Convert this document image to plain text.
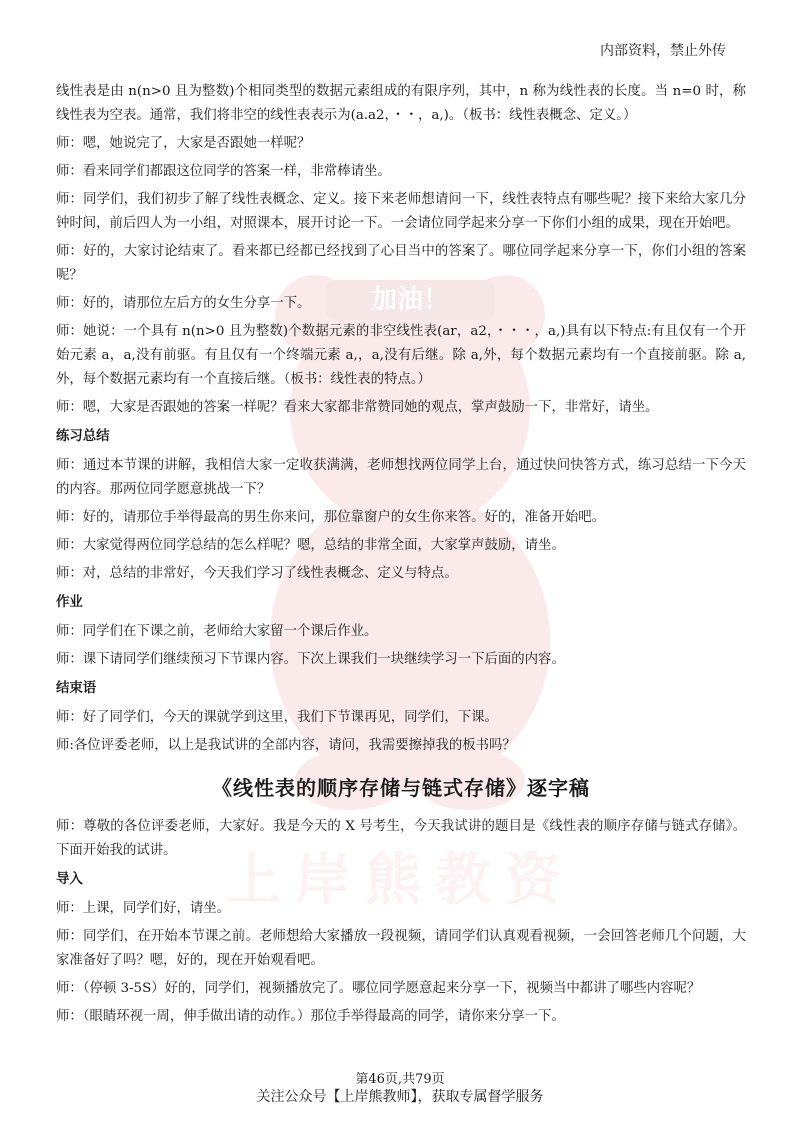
加油！
上岸熊教资
内部资料，禁止外传

线性表是由 n(n>0 且为整数)个相同类型的数据元素组成的有限序列，其中，n 称为线性表的长度。当 n=0 时，称线性表为空表。通常，我们将非空的线性表表示为(a.a2，・・，a,)。（板书：线性表概念、定义。）

师：嗯，她说完了，大家是否跟她一样呢？

师：看来同学们都跟这位同学的答案一样，非常棒请坐。

师：同学们，我们初步了解了线性表概念、定义。接下来老师想请问一下，线性表特点有哪些呢？接下来给大家几分钟时间，前后四人为一小组，对照课本，展开讨论一下。一会请位同学起来分享一下你们小组的成果，现在开始吧。

师：好的，大家讨论结束了。看来都已经都已经找到了心目当中的答案了。哪位同学起来分享一下，你们小组的答案呢？

师：好的，请那位左后方的女生分享一下。

师：她说：一个具有 n(n>0 且为整数)个数据元素的非空线性表(ar，a2，・・・，a,)具有以下特点:有且仅有一个开始元素 a，a,没有前驱。有且仅有一个终端元素 a,，a,没有后继。除 a,外，每个数据元素均有一个直接前驱。除 a,外，每个数据元素均有一个直接后继。（板书：线性表的特点。）

师：嗯，大家是否跟她的答案一样呢？看来大家都非常赞同她的观点，掌声鼓励一下，非常好，请坐。

练习总结

师：通过本节课的讲解，我相信大家一定收获满满，老师想找两位同学上台，通过快问快答方式，练习总结一下今天的内容。那两位同学愿意挑战一下？

师：好的，请那位手举得最高的男生你来问，那位靠窗户的女生你来答。好的，准备开始吧。

师：大家觉得两位同学总结的怎么样呢？嗯，总结的非常全面，大家掌声鼓励，请坐。

师：对，总结的非常好，今天我们学习了线性表概念、定义与特点。

作业

师：同学们在下课之前，老师给大家留一个课后作业。

师：课下请同学们继续预习下节课内容。下次上课我们一块继续学习一下后面的内容。

结束语

师：好了同学们，今天的课就学到这里，我们下节课再见，同学们，下课。

师:各位评委老师，以上是我试讲的全部内容，请问，我需要擦掉我的板书吗？

《线性表的顺序存储与链式存储》逐字稿

师：尊敬的各位评委老师，大家好。我是今天的 X 号考生，今天我试讲的题目是《线性表的顺序存储与链式存储》。下面开始我的试讲。

导入

师：上课，同学们好，请坐。

师：同学们，在开始本节课之前。老师想给大家播放一段视频，请同学们认真观看视频，一会回答老师几个问题，大家准备好了吗？嗯，好的，现在开始观看吧。

师：（停顿 3-5S）好的，同学们，视频播放完了。哪位同学愿意起来分享一下，视频当中都讲了哪些内容呢？

师：（眼睛环视一周，伸手做出请的动作。）那位手举得最高的同学，请你来分享一下。

第46页,共79页
关注公众号【上岸熊教师】，获取专属督学服务
